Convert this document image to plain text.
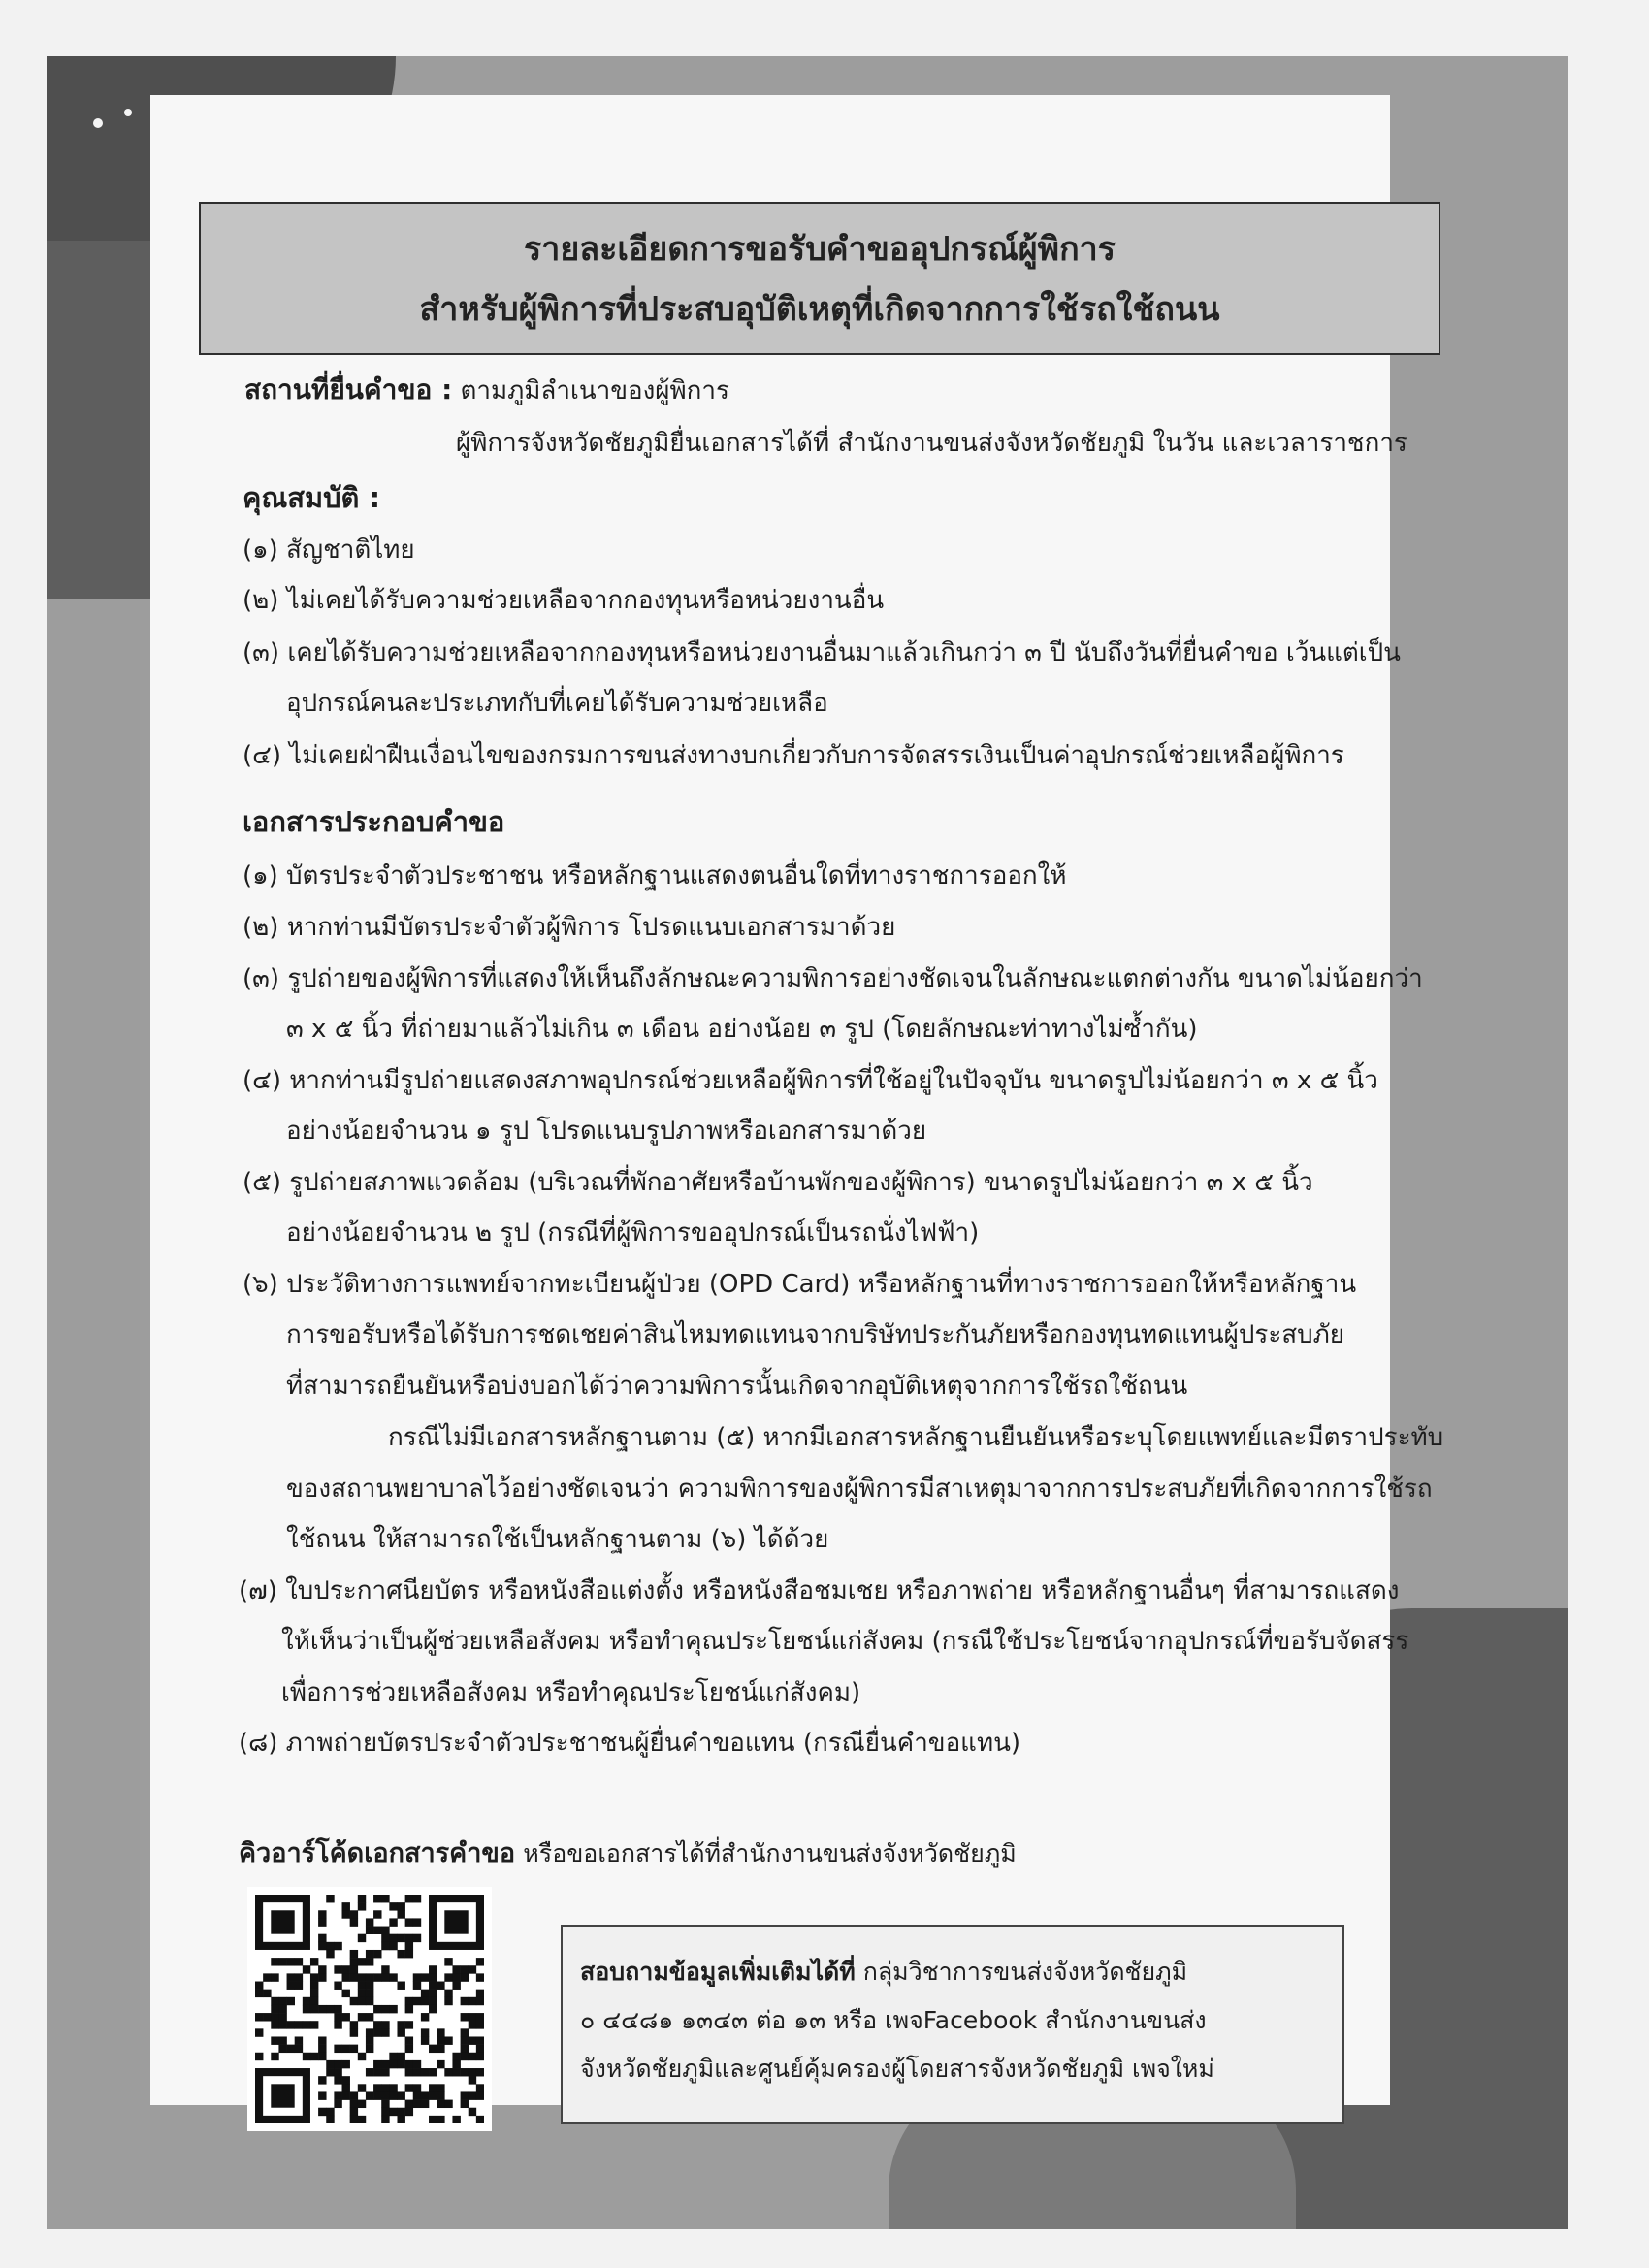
รายละเอียดการขอรับคำขออุปกรณ์ผู้พิการ
สำหรับผู้พิการที่ประสบอุบัติเหตุที่เกิดจากการใช้รถใช้ถนน
สถานที่ยื่นคำขอ : ตามภูมิลำเนาของผู้พิการ
ผู้พิการจังหวัดชัยภูมิยื่นเอกสารได้ที่ สำนักงานขนส่งจังหวัดชัยภูมิ ในวัน และเวลาราชการ
คุณสมบัติ :
(๑) สัญชาติไทย
(๒) ไม่เคยได้รับความช่วยเหลือจากกองทุนหรือหน่วยงานอื่น
(๓) เคยได้รับความช่วยเหลือจากกองทุนหรือหน่วยงานอื่นมาแล้วเกินกว่า ๓ ปี นับถึงวันที่ยื่นคำขอ เว้นแต่เป็น
อุปกรณ์คนละประเภทกับที่เคยได้รับความช่วยเหลือ
(๔) ไม่เคยฝ่าฝืนเงื่อนไขของกรมการขนส่งทางบกเกี่ยวกับการจัดสรรเงินเป็นค่าอุปกรณ์ช่วยเหลือผู้พิการ
เอกสารประกอบคำขอ
(๑) บัตรประจำตัวประชาชน หรือหลักฐานแสดงตนอื่นใดที่ทางราชการออกให้
(๒) หากท่านมีบัตรประจำตัวผู้พิการ โปรดแนบเอกสารมาด้วย
(๓) รูปถ่ายของผู้พิการที่แสดงให้เห็นถึงลักษณะความพิการอย่างชัดเจนในลักษณะแตกต่างกัน ขนาดไม่น้อยกว่า
๓ x ๕ นิ้ว ที่ถ่ายมาแล้วไม่เกิน ๓ เดือน อย่างน้อย ๓ รูป (โดยลักษณะท่าทางไม่ซ้ำกัน)
(๔) หากท่านมีรูปถ่ายแสดงสภาพอุปกรณ์ช่วยเหลือผู้พิการที่ใช้อยู่ในปัจจุบัน ขนาดรูปไม่น้อยกว่า ๓ x ๕ นิ้ว
อย่างน้อยจำนวน ๑ รูป โปรดแนบรูปภาพหรือเอกสารมาด้วย
(๕) รูปถ่ายสภาพแวดล้อม (บริเวณที่พักอาศัยหรือบ้านพักของผู้พิการ) ขนาดรูปไม่น้อยกว่า ๓ x ๕ นิ้ว
อย่างน้อยจำนวน ๒ รูป (กรณีที่ผู้พิการขออุปกรณ์เป็นรถนั่งไฟฟ้า)
(๖) ประวัติทางการแพทย์จากทะเบียนผู้ป่วย (OPD Card) หรือหลักฐานที่ทางราชการออกให้หรือหลักฐาน
การขอรับหรือได้รับการชดเชยค่าสินไหมทดแทนจากบริษัทประกันภัยหรือกองทุนทดแทนผู้ประสบภัย
ที่สามารถยืนยันหรือบ่งบอกได้ว่าความพิการนั้นเกิดจากอุบัติเหตุจากการใช้รถใช้ถนน
กรณีไม่มีเอกสารหลักฐานตาม (๕) หากมีเอกสารหลักฐานยืนยันหรือระบุโดยแพทย์และมีตราประทับ
ของสถานพยาบาลไว้อย่างชัดเจนว่า ความพิการของผู้พิการมีสาเหตุมาจากการประสบภัยที่เกิดจากการใช้รถ
ใช้ถนน ให้สามารถใช้เป็นหลักฐานตาม (๖) ได้ด้วย
(๗) ใบประกาศนียบัตร หรือหนังสือแต่งตั้ง หรือหนังสือชมเชย หรือภาพถ่าย หรือหลักฐานอื่นๆ ที่สามารถแสดง
ให้เห็นว่าเป็นผู้ช่วยเหลือสังคม หรือทำคุณประโยชน์แก่สังคม (กรณีใช้ประโยชน์จากอุปกรณ์ที่ขอรับจัดสรร
เพื่อการช่วยเหลือสังคม หรือทำคุณประโยชน์แก่สังคม)
(๘) ภาพถ่ายบัตรประจำตัวประชาชนผู้ยื่นคำขอแทน (กรณียื่นคำขอแทน)
คิวอาร์โค้ดเอกสารคำขอ หรือขอเอกสารได้ที่สำนักงานขนส่งจังหวัดชัยภูมิ
สอบถามข้อมูลเพิ่มเติมได้ที่ กลุ่มวิชาการขนส่งจังหวัดชัยภูมิ
๐ ๔๔๘๑ ๑๓๔๓ ต่อ ๑๓ หรือ เพจFacebook สำนักงานขนส่ง
จังหวัดชัยภูมิและศูนย์คุ้มครองผู้โดยสารจังหวัดชัยภูมิ เพจใหม่
